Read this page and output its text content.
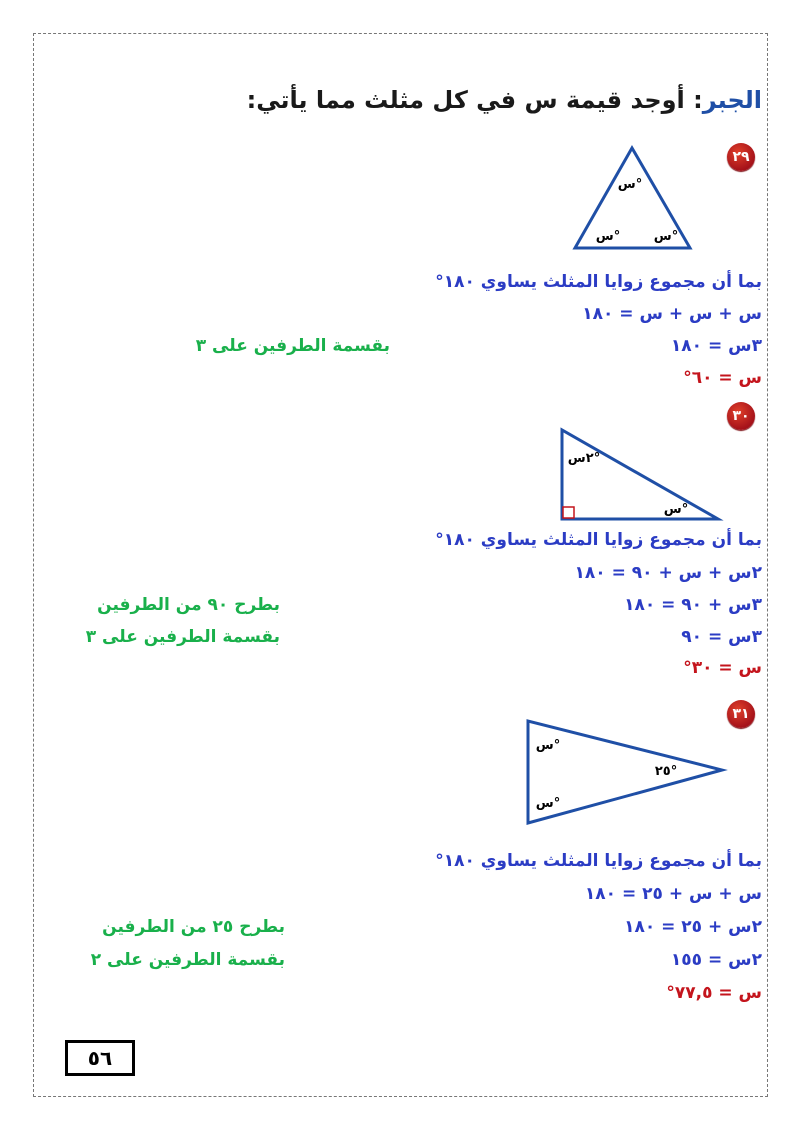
الجبر: أوجد قيمة س في كل مثلث مما يأتي:
٢٩
س°
س°	س°
بما أن مجموع زوايا المثلث يساوي ١٨٠°
س + س + س = ١٨٠
٣س = ١٨٠
س = ٦٠°
بقسمة الطرفين على ٣
٣٠
٢س°
س°
بما أن مجموع زوايا المثلث يساوي ١٨٠°
٢س + س + ٩٠ = ١٨٠
٣س + ٩٠ = ١٨٠
٣س = ٩٠
س = ٣٠°
بطرح ٩٠ من الطرفين
بقسمة الطرفين على ٣
٣١
س°
٢٥°
س°
بما أن مجموع زوايا المثلث يساوي ١٨٠°
س + س + ٢٥ = ١٨٠
٢س + ٢٥ = ١٨٠
٢س = ١٥٥
س = ٧٧,٥°
بطرح ٢٥ من الطرفين
بقسمة الطرفين على ٢
٥٦
